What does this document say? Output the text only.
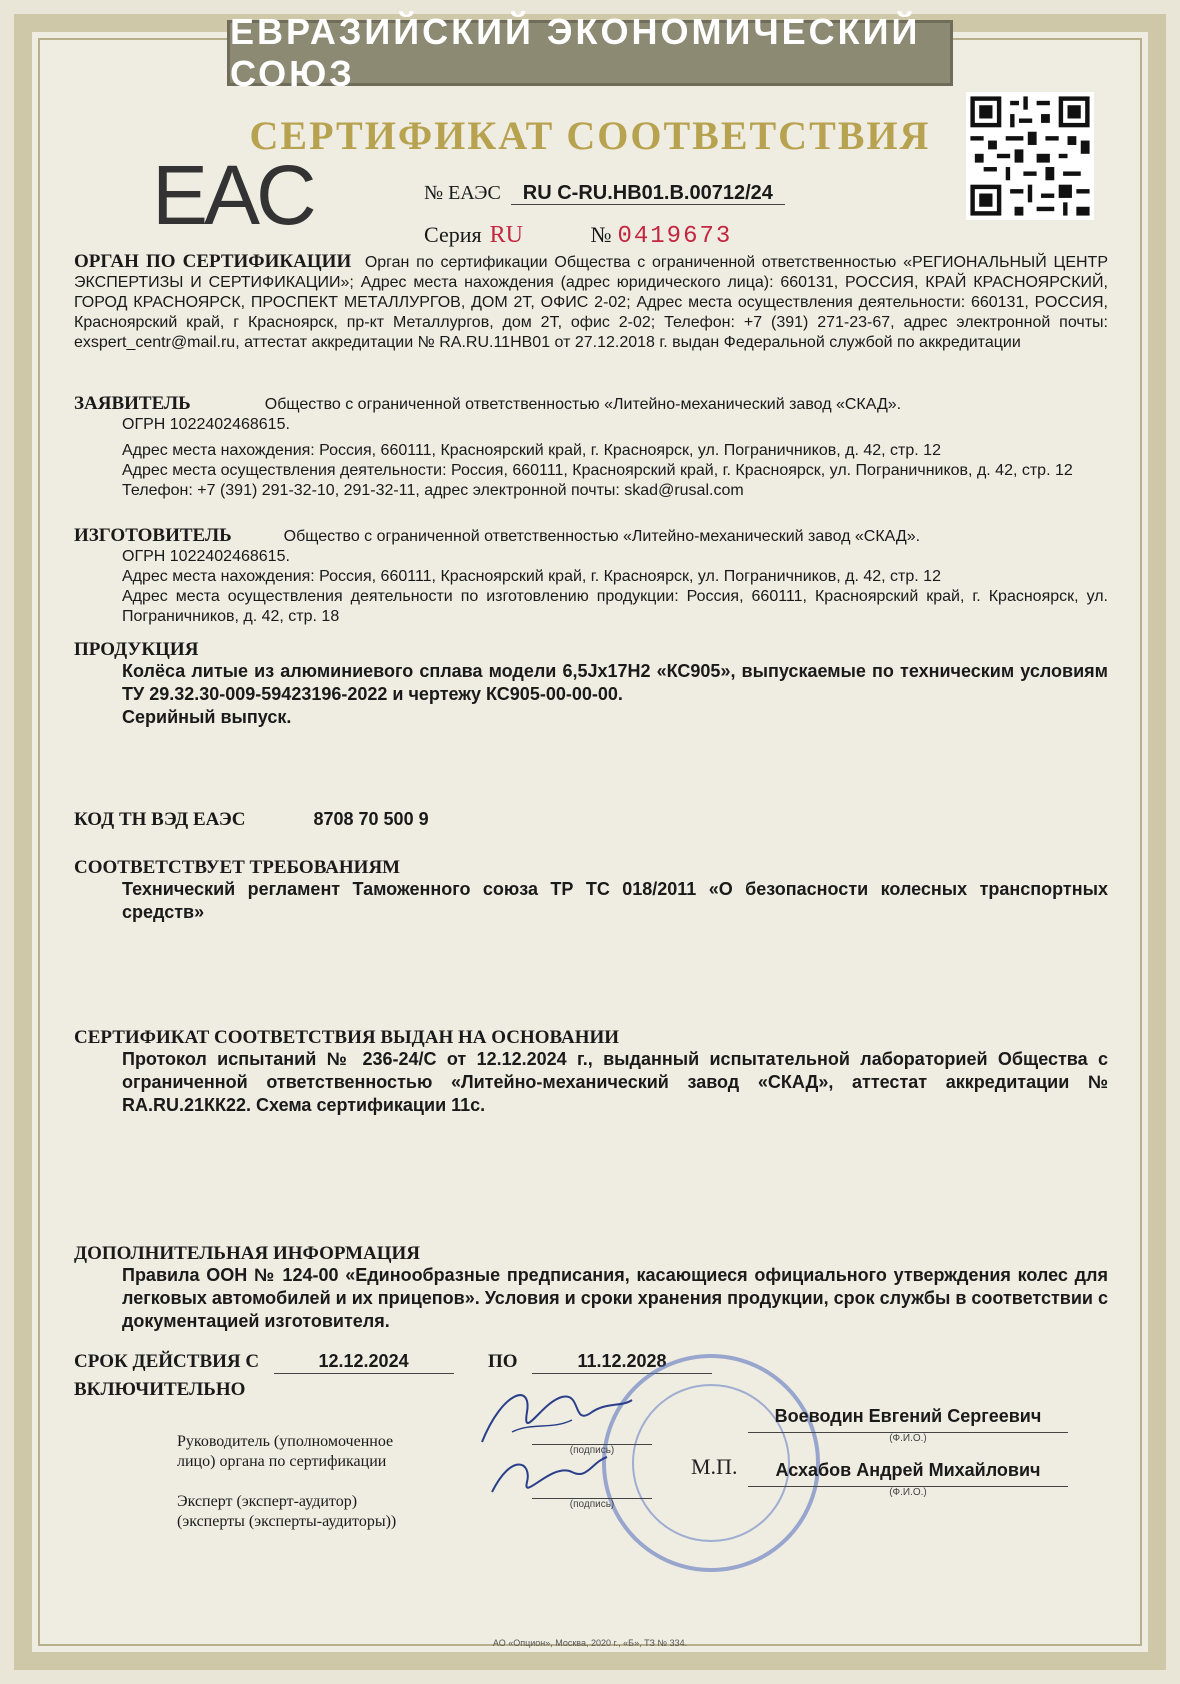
ЕВРАЗИЙСКИЙ ЭКОНОМИЧЕСКИЙ СОЮЗ
СЕРТИФИКАТ СООТВЕТСТВИЯ
EAC	№ ЕАЭС RU C-RU.HB01.B.00712/24
Серия RU	№ 0419673
ОРГАН ПО СЕРТИФИКАЦИИ Орган по сертификации Общества с ограниченной ответственностью «РЕГИОНАЛЬНЫЙ ЦЕНТР ЭКСПЕРТИЗЫ И СЕРТИФИКАЦИИ»; Адрес места нахождения (адрес юридического лица): 660131, РОССИЯ, КРАЙ КРАСНОЯРСКИЙ, ГОРОД КРАСНОЯРСК, ПРОСПЕКТ МЕТАЛЛУРГОВ, ДОМ 2Т, ОФИС 2-02; Адрес места осуществления деятельности: 660131, РОССИЯ, Красноярский край, г Красноярск, пр-кт Металлургов, дом 2Т, офис 2-02; Телефон: +7 (391) 271-23-67, адрес электронной почты: exspert_centr@mail.ru, аттестат аккредитации № RA.RU.11HB01 от 27.12.2018 г. выдан Федеральной службой по аккредитации
ЗАЯВИТЕЛЬ	Общество с ограниченной ответственностью «Литейно-механический завод «СКАД».
ОГРН 1022402468615.
Адрес места нахождения: Россия, 660111, Красноярский край, г. Красноярск, ул. Пограничников, д. 42, стр. 12
Адрес места осуществления деятельности: Россия, 660111, Красноярский край, г. Красноярск, ул. Пограничников, д. 42, стр. 12
Телефон: +7 (391) 291-32-10, 291-32-11, адрес электронной почты: skad@rusal.com
ИЗГОТОВИТЕЛЬ	Общество с ограниченной ответственностью «Литейно-механический завод «СКАД».
ОГРН 1022402468615.
Адрес места нахождения: Россия, 660111, Красноярский край, г. Красноярск, ул. Пограничников, д. 42, стр. 12
Адрес места осуществления деятельности по изготовлению продукции: Россия, 660111, Красноярский край, г. Красноярск, ул. Пограничников, д. 42, стр. 18
ПРОДУКЦИЯ
Колёса литые из алюминиевого сплава модели 6,5Jx17H2 «КС905», выпускаемые по техническим условиям ТУ 29.32.30-009-59423196-2022 и чертежу КС905-00-00-00.
Серийный выпуск.
КОД ТН ВЭД ЕАЭС	8708 70 500 9
СООТВЕТСТВУЕТ ТРЕБОВАНИЯМ
Технический регламент Таможенного союза ТР ТС 018/2011 «О безопасности колесных транспортных средств»
СЕРТИФИКАТ СООТВЕТСТВИЯ ВЫДАН НА ОСНОВАНИИ
Протокол испытаний № 236-24/С от 12.12.2024 г., выданный испытательной лабораторией Общества с ограниченной ответственностью «Литейно-механический завод «СКАД», аттестат аккредитации № RA.RU.21КК22. Схема сертификации 11с.
ДОПОЛНИТЕЛЬНАЯ ИНФОРМАЦИЯ
Правила ООН № 124-00 «Единообразные предписания, касающиеся официального утверждения колес для легковых автомобилей и их прицепов». Условия и сроки хранения продукции, срок службы в соответствии с документацией изготовителя.
СРОК ДЕЙСТВИЯ С	12.12.2024	ПО	11.12.2028
ВКЛЮЧИТЕЛЬНО
М.П.
Руководитель (уполномоченное
лицо) органа по сертификации
Эксперт (эксперт-аудитор)
(эксперты (эксперты-аудиторы))
(подпись)
(подпись)
Воеводин Евгений Сергеевич
(Ф.И.О.)
Асхабов Андрей Михайлович
(Ф.И.О.)
АО «Опцион», Москва, 2020 г., «Б», ТЗ № 334.
